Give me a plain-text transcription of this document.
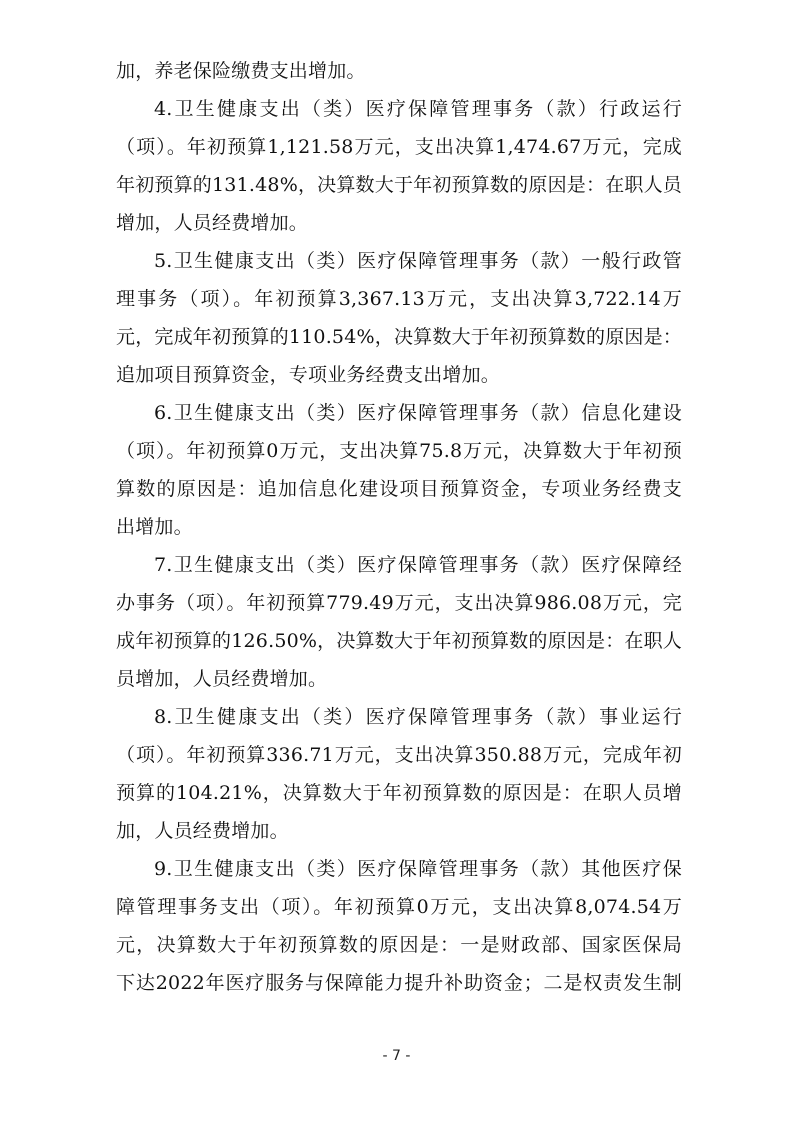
加，养老保险缴费支出增加。

4.卫生健康支出（类）医疗保障管理事务（款）行政运行
（项）。年初预算1,121.58万元，支出决算1,474.67万元，完成
年初预算的131.48%，决算数大于年初预算数的原因是：在职人员
增加，人员经费增加。

5.卫生健康支出（类）医疗保障管理事务（款）一般行政管
理事务（项）。年初预算3,367.13万元，支出决算3,722.14万
元，完成年初预算的110.54%，决算数大于年初预算数的原因是：
追加项目预算资金，专项业务经费支出增加。

6.卫生健康支出（类）医疗保障管理事务（款）信息化建设
（项）。年初预算0万元，支出决算75.8万元，决算数大于年初预
算数的原因是：追加信息化建设项目预算资金，专项业务经费支
出增加。

7.卫生健康支出（类）医疗保障管理事务（款）医疗保障经
办事务（项）。年初预算779.49万元，支出决算986.08万元，完
成年初预算的126.50%，决算数大于年初预算数的原因是：在职人
员增加，人员经费增加。

8.卫生健康支出（类）医疗保障管理事务（款）事业运行
（项）。年初预算336.71万元，支出决算350.88万元，完成年初
预算的104.21%，决算数大于年初预算数的原因是：在职人员增
加，人员经费增加。

9.卫生健康支出（类）医疗保障管理事务（款）其他医疗保
障管理事务支出（项）。年初预算0万元，支出决算8,074.54万
元，决算数大于年初预算数的原因是：一是财政部、国家医保局
下达2022年医疗服务与保障能力提升补助资金；二是权责发生制

- 7 -
